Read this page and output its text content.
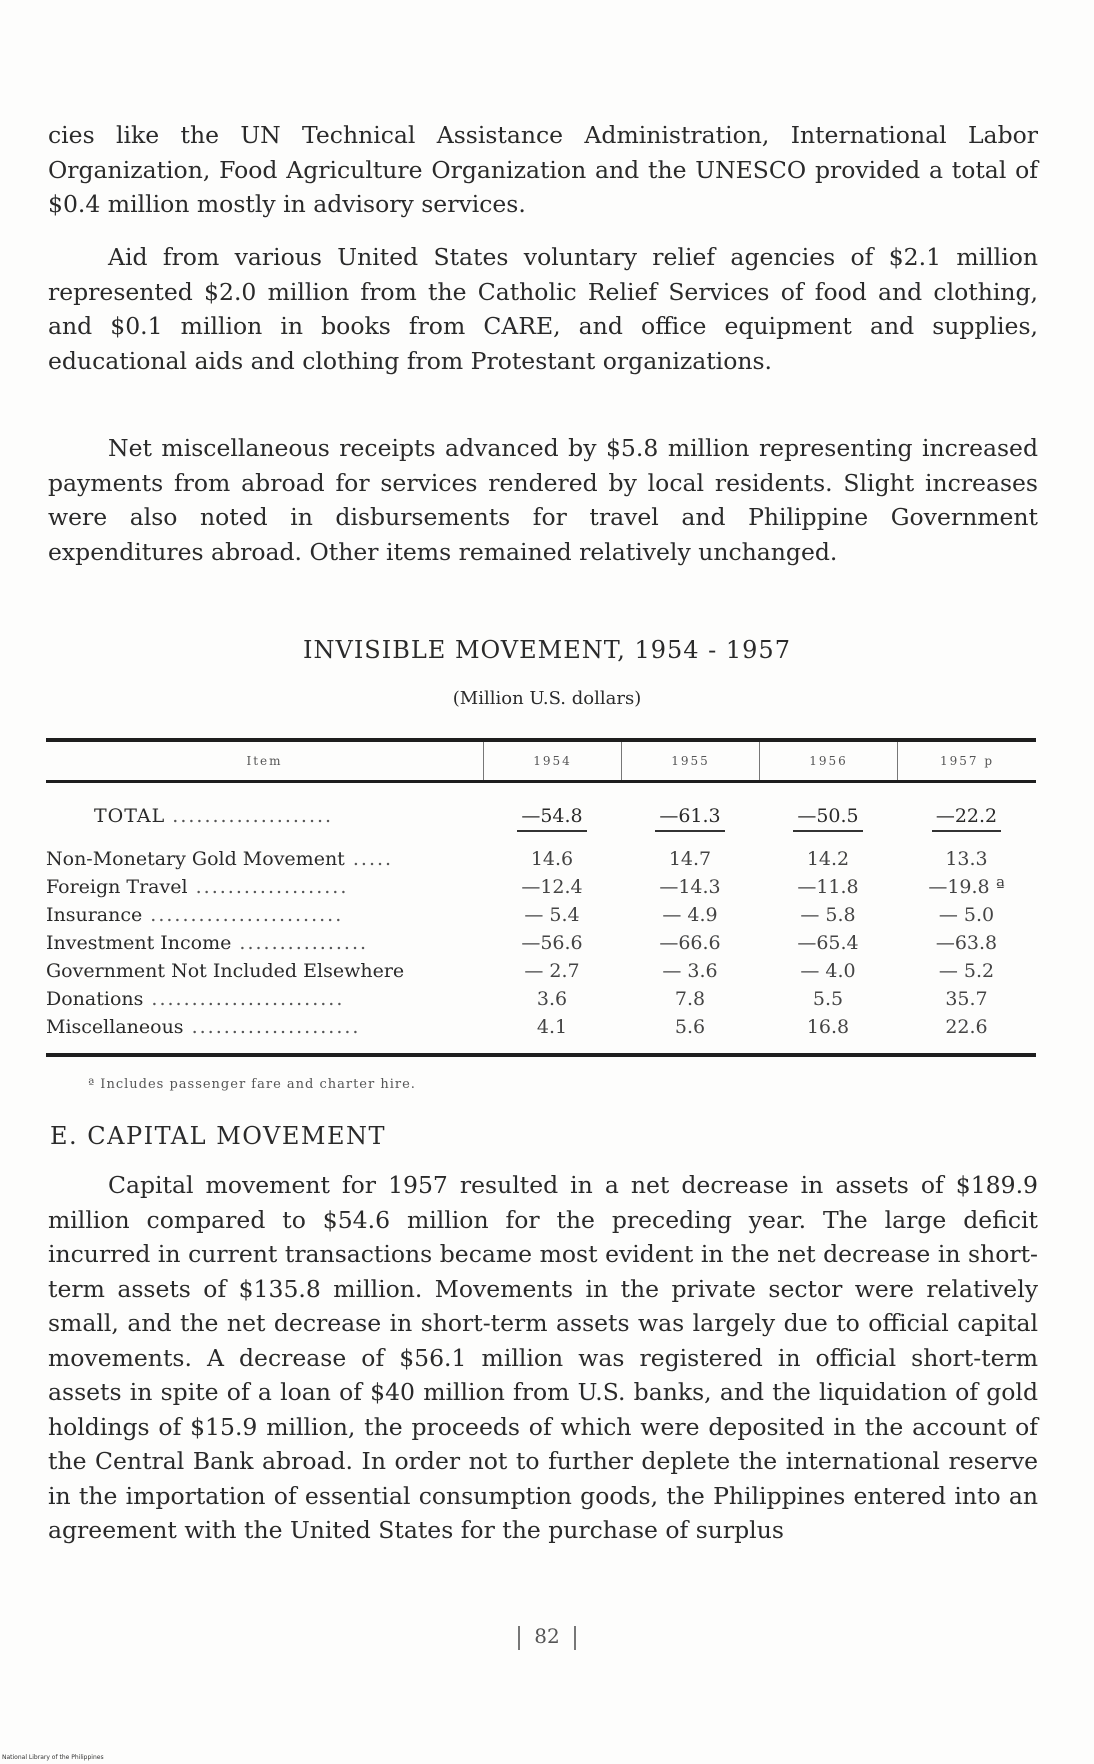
cies like the UN Technical Assistance Administration, International Labor Organization, Food Agriculture Organization and the UNESCO provided a total of $0.4 million mostly in advisory services.

Aid from various United States voluntary relief agencies of $2.1 million represented $2.0 million from the Catholic Relief Services of food and clothing, and $0.1 million in books from CARE, and office equipment and supplies, educational aids and clothing from Protestant organizations.

Net miscellaneous receipts advanced by $5.8 million representing increased payments from abroad for services rendered by local residents. Slight increases were also noted in disbursements for travel and Philippine Government expenditures abroad. Other items remained relatively unchanged.

INVISIBLE MOVEMENT, 1954 - 1957
(Million U.S. dollars)
Item	1954	1955	1956	1957 p
TOTAL ....................	—54.8	—61.3	—50.5	—22.2
Non-Monetary Gold Movement .....	14.6	14.7	14.2	13.3
Foreign Travel ...................	—12.4	—14.3	—11.8	—19.8 ª
Insurance ........................	— 5.4	— 4.9	— 5.8	— 5.0
Investment Income ................	—56.6	—66.6	—65.4	—63.8
Government Not Included Elsewhere	— 2.7	— 3.6	— 4.0	— 5.2
Donations ........................	3.6	7.8	5.5	35.7
Miscellaneous .....................	4.1	5.6	16.8	22.6
ª Includes passenger fare and charter hire.
E. CAPITAL MOVEMENT

Capital movement for 1957 resulted in a net decrease in assets of $189.9 million compared to $54.6 million for the preceding year. The large deficit incurred in current transactions became most evident in the net decrease in short-term assets of $135.8 million. Movements in the private sector were relatively small, and the net decrease in short-term assets was largely due to official capital movements. A decrease of $56.1 million was registered in official short-term assets in spite of a loan of $40 million from U.S. banks, and the liquidation of gold holdings of $15.9 million, the proceeds of which were deposited in the account of the Central Bank abroad. In order not to further deplete the international reserve in the importation of essential consumption goods, the Philippines entered into an agreement with the United States for the purchase of surplus

82
National Library of the Philippines
